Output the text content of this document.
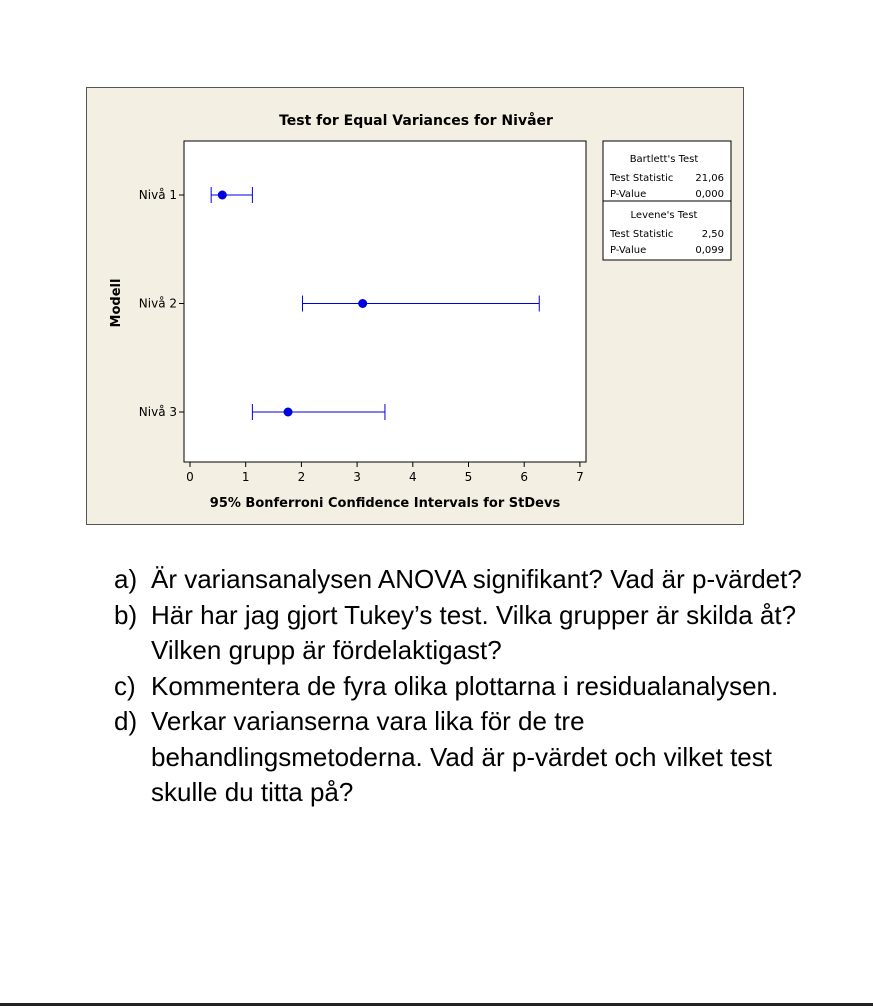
Test for Equal Variances for Nivåer
Modell
95% Bonferroni Confidence Intervals for StDevs
0	1	2	3	4	5	6	7
Nivå 1
Nivå 2
Nivå 3
Bartlett's Test
Test Statistic 21,06
P-Value	0,000
Levene's Test
Test Statistic	2,50
P-Value	0,099
a) Är variansanalysen ANOVA signifikant? Vad är p-värdet?
b) Här har jag gjort Tukey’s test. Vilka grupper är skilda åt? Vilken grupp är fördelaktigast?
c) Kommentera de fyra olika plottarna i residualanalysen.
d) Verkar varianserna vara lika för de tre behandlingsmetoderna. Vad är p-värdet och vilket test skulle du titta på?
